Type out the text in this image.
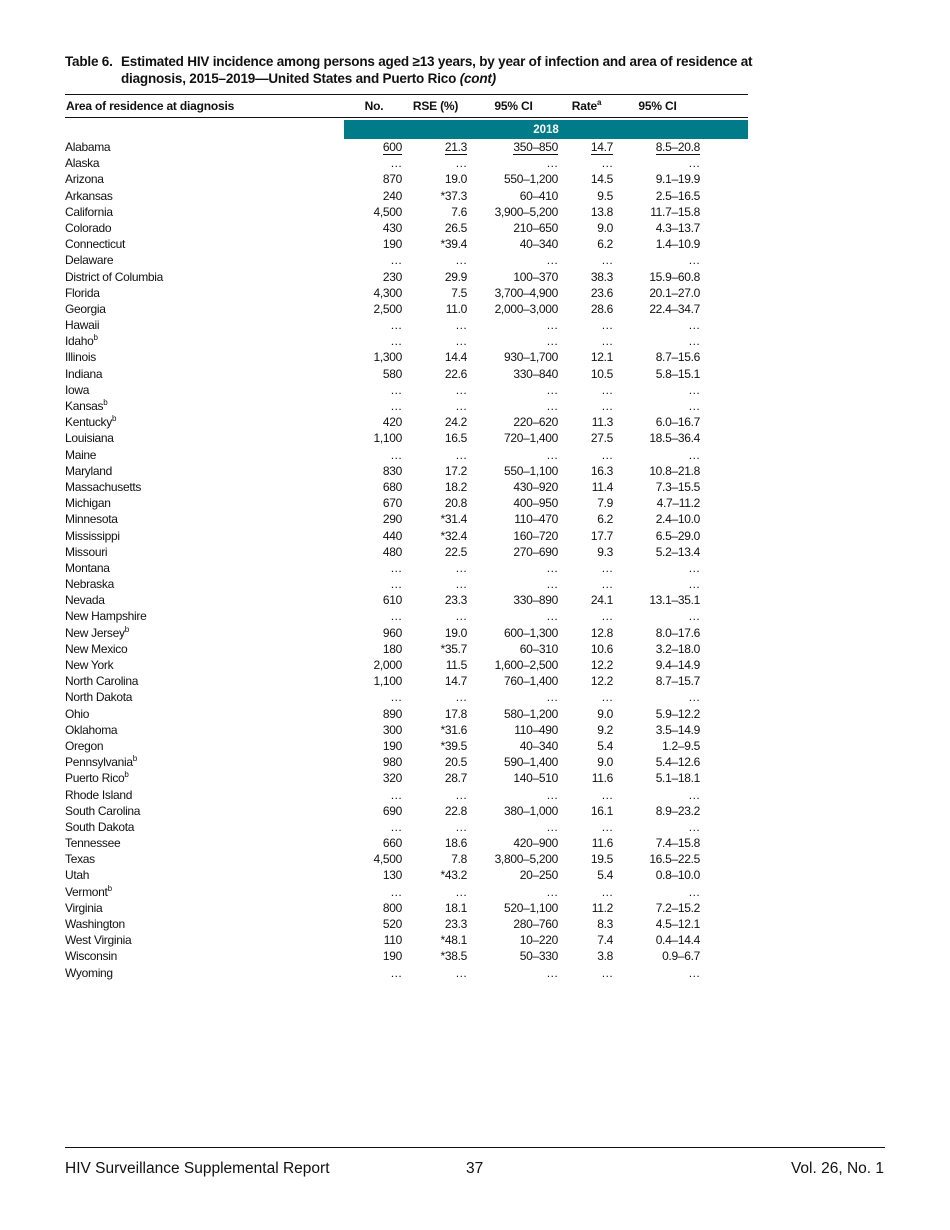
Table 6. Estimated HIV incidence among persons aged ≥13 years, by year of infection and area of residence at
diagnosis, 2015–2019—United States and Puerto Rico (cont)
Area of residence at diagnosis	No.	RSE (%)	95% CI	Rate$^a$	95% CI
2018
Alabama	600	21.3	350–850	14.7	8.5–20.8
Alaska	…	…	…	…	…
Arizona	870	19.0	550–1,200	14.5	9.1–19.9
Arkansas	240	*37.3	60–410	9.5	2.5–16.5
California	4,500	7.6	3,900–5,200	13.8	11.7–15.8
Colorado	430	26.5	210–650	9.0	4.3–13.7
Connecticut	190	*39.4	40–340	6.2	1.4–10.9
Delaware	…	…	…	…	…
District of Columbia	230	29.9	100–370	38.3	15.9–60.8
Florida	4,300	7.5	3,700–4,900	23.6	20.1–27.0
Georgia	2,500	11.0	2,000–3,000	28.6	22.4–34.7
Hawaii	…	…	…	…	…
Idaho$^b$	…	…	…	…	…
Illinois	1,300	14.4	930–1,700	12.1	8.7–15.6
Indiana	580	22.6	330–840	10.5	5.8–15.1
Iowa	…	…	…	…	…
Kansas$^b$	…	…	…	…	…
Kentucky$^b$	420	24.2	220–620	11.3	6.0–16.7
Louisiana	1,100	16.5	720–1,400	27.5	18.5–36.4
Maine	…	…	…	…	…
Maryland	830	17.2	550–1,100	16.3	10.8–21.8
Massachusetts	680	18.2	430–920	11.4	7.3–15.5
Michigan	670	20.8	400–950	7.9	4.7–11.2
Minnesota	290	*31.4	110–470	6.2	2.4–10.0
Mississippi	440	*32.4	160–720	17.7	6.5–29.0
Missouri	480	22.5	270–690	9.3	5.2–13.4
Montana	…	…	…	…	…
Nebraska	…	…	…	…	…
Nevada	610	23.3	330–890	24.1	13.1–35.1
New Hampshire	…	…	…	…	…
New Jersey$^b$	960	19.0	600–1,300	12.8	8.0–17.6
New Mexico	180	*35.7	60–310	10.6	3.2–18.0
New York	2,000	11.5	1,600–2,500	12.2	9.4–14.9
North Carolina	1,100	14.7	760–1,400	12.2	8.7–15.7
North Dakota	…	…	…	…	…
Ohio	890	17.8	580–1,200	9.0	5.9–12.2
Oklahoma	300	*31.6	110–490	9.2	3.5–14.9
Oregon	190	*39.5	40–340	5.4	1.2–9.5
Pennsylvania$^b$	980	20.5	590–1,400	9.0	5.4–12.6
Puerto Rico$^b$	320	28.7	140–510	11.6	5.1–18.1
Rhode Island	…	…	…	…	…
South Carolina	690	22.8	380–1,000	16.1	8.9–23.2
South Dakota	…	…	…	…	…
Tennessee	660	18.6	420–900	11.6	7.4–15.8
Texas	4,500	7.8	3,800–5,200	19.5	16.5–22.5
Utah	130	*43.2	20–250	5.4	0.8–10.0
Vermont$^b$	…	…	…	…	…
Virginia	800	18.1	520–1,100	11.2	7.2–15.2
Washington	520	23.3	280–760	8.3	4.5–12.1
West Virginia	110	*48.1	10–220	7.4	0.4–14.4
Wisconsin	190	*38.5	50–330	3.8	0.9–6.7
Wyoming	…	…	…	…	…
HIV Surveillance Supplemental Report	37	Vol. 26, No. 1
